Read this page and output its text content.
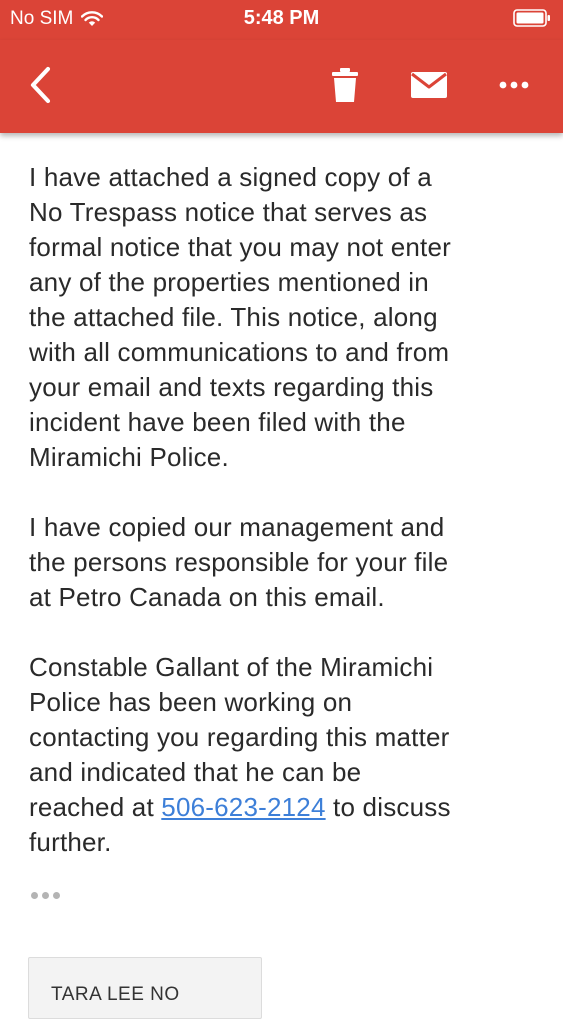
No SIM	5:48 PM

I have attached a signed copy of a
No Trespass notice that serves as
formal notice that you may not enter
any of the properties mentioned in
the attached file. This notice, along
with all communications to and from
your email and texts regarding this
incident have been filed with the
Miramichi Police.

I have copied our management and
the persons responsible for your file
at Petro Canada on this email.

Constable Gallant of the Miramichi
Police has been working on
contacting you regarding this matter
and indicated that he can be
reached at 506-623-2124 to discuss
further.

TARA LEE NO
